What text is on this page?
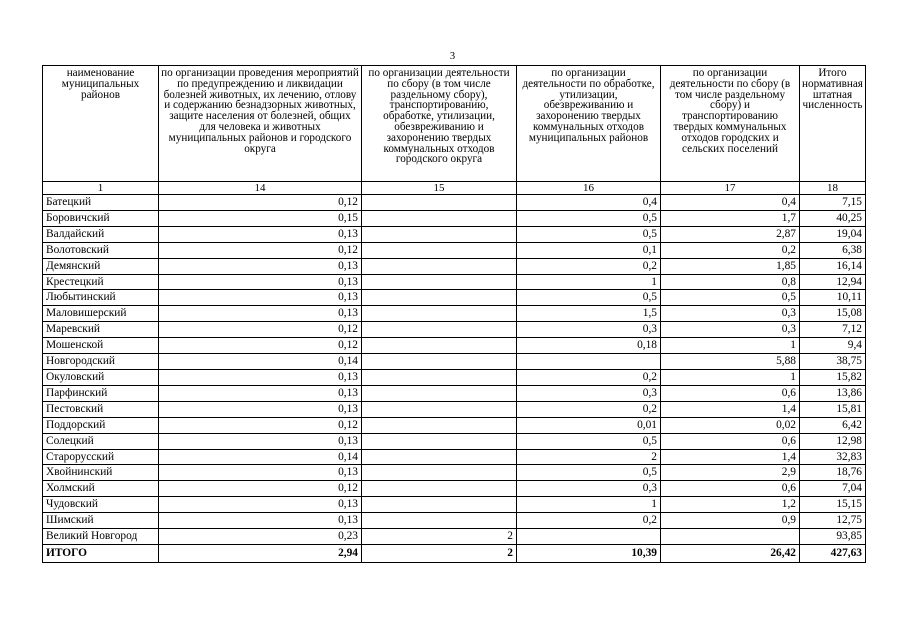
3
наименование муниципальных районов	по организации проведения мероприятий по предупреждению и ликвидации болезней животных, их лечению, отлову и содержанию безнадзорных животных, защите населения от болезней, общих для человека и животных муниципальных районов и городского округа	по организации деятельности по сбору (в том числе раздельному сбору), транспортированию, обработке, утилизации, обезвреживанию и захоронению твердых коммунальных отходов городского округа	по организации деятельности по обработке, утилизации, обезвреживанию и захоронению твердых коммунальных отходов муниципальных районов	по организации деятельности по сбору (в том числе раздельному сбору) и транспортированию твердых коммунальных отходов городских и сельских поселений	Итого нормативная штатная численность
1	14	15	16	17	18
Батецкий	0,12		0,4	0,4	7,15
Боровичский	0,15		0,5	1,7	40,25
Валдайский	0,13		0,5	2,87	19,04
Волотовский	0,12		0,1	0,2	6,38
Демянский	0,13		0,2	1,85	16,14
Крестецкий	0,13		1	0,8	12,94
Любытинский	0,13		0,5	0,5	10,11
Маловишерский	0,13		1,5	0,3	15,08
Маревский	0,12		0,3	0,3	7,12
Мошенской	0,12		0,18	1	9,4
Новгородский	0,14			5,88	38,75
Окуловский	0,13		0,2	1	15,82
Парфинский	0,13		0,3	0,6	13,86
Пестовский	0,13		0,2	1,4	15,81
Поддорский	0,12		0,01	0,02	6,42
Солецкий	0,13		0,5	0,6	12,98
Старорусский	0,14		2	1,4	32,83
Хвойнинский	0,13		0,5	2,9	18,76
Холмский	0,12		0,3	0,6	7,04
Чудовский	0,13		1	1,2	15,15
Шимский	0,13		0,2	0,9	12,75
Великий Новгород	0,23	2			93,85
ИТОГО	2,94	2	10,39	26,42	427,63
